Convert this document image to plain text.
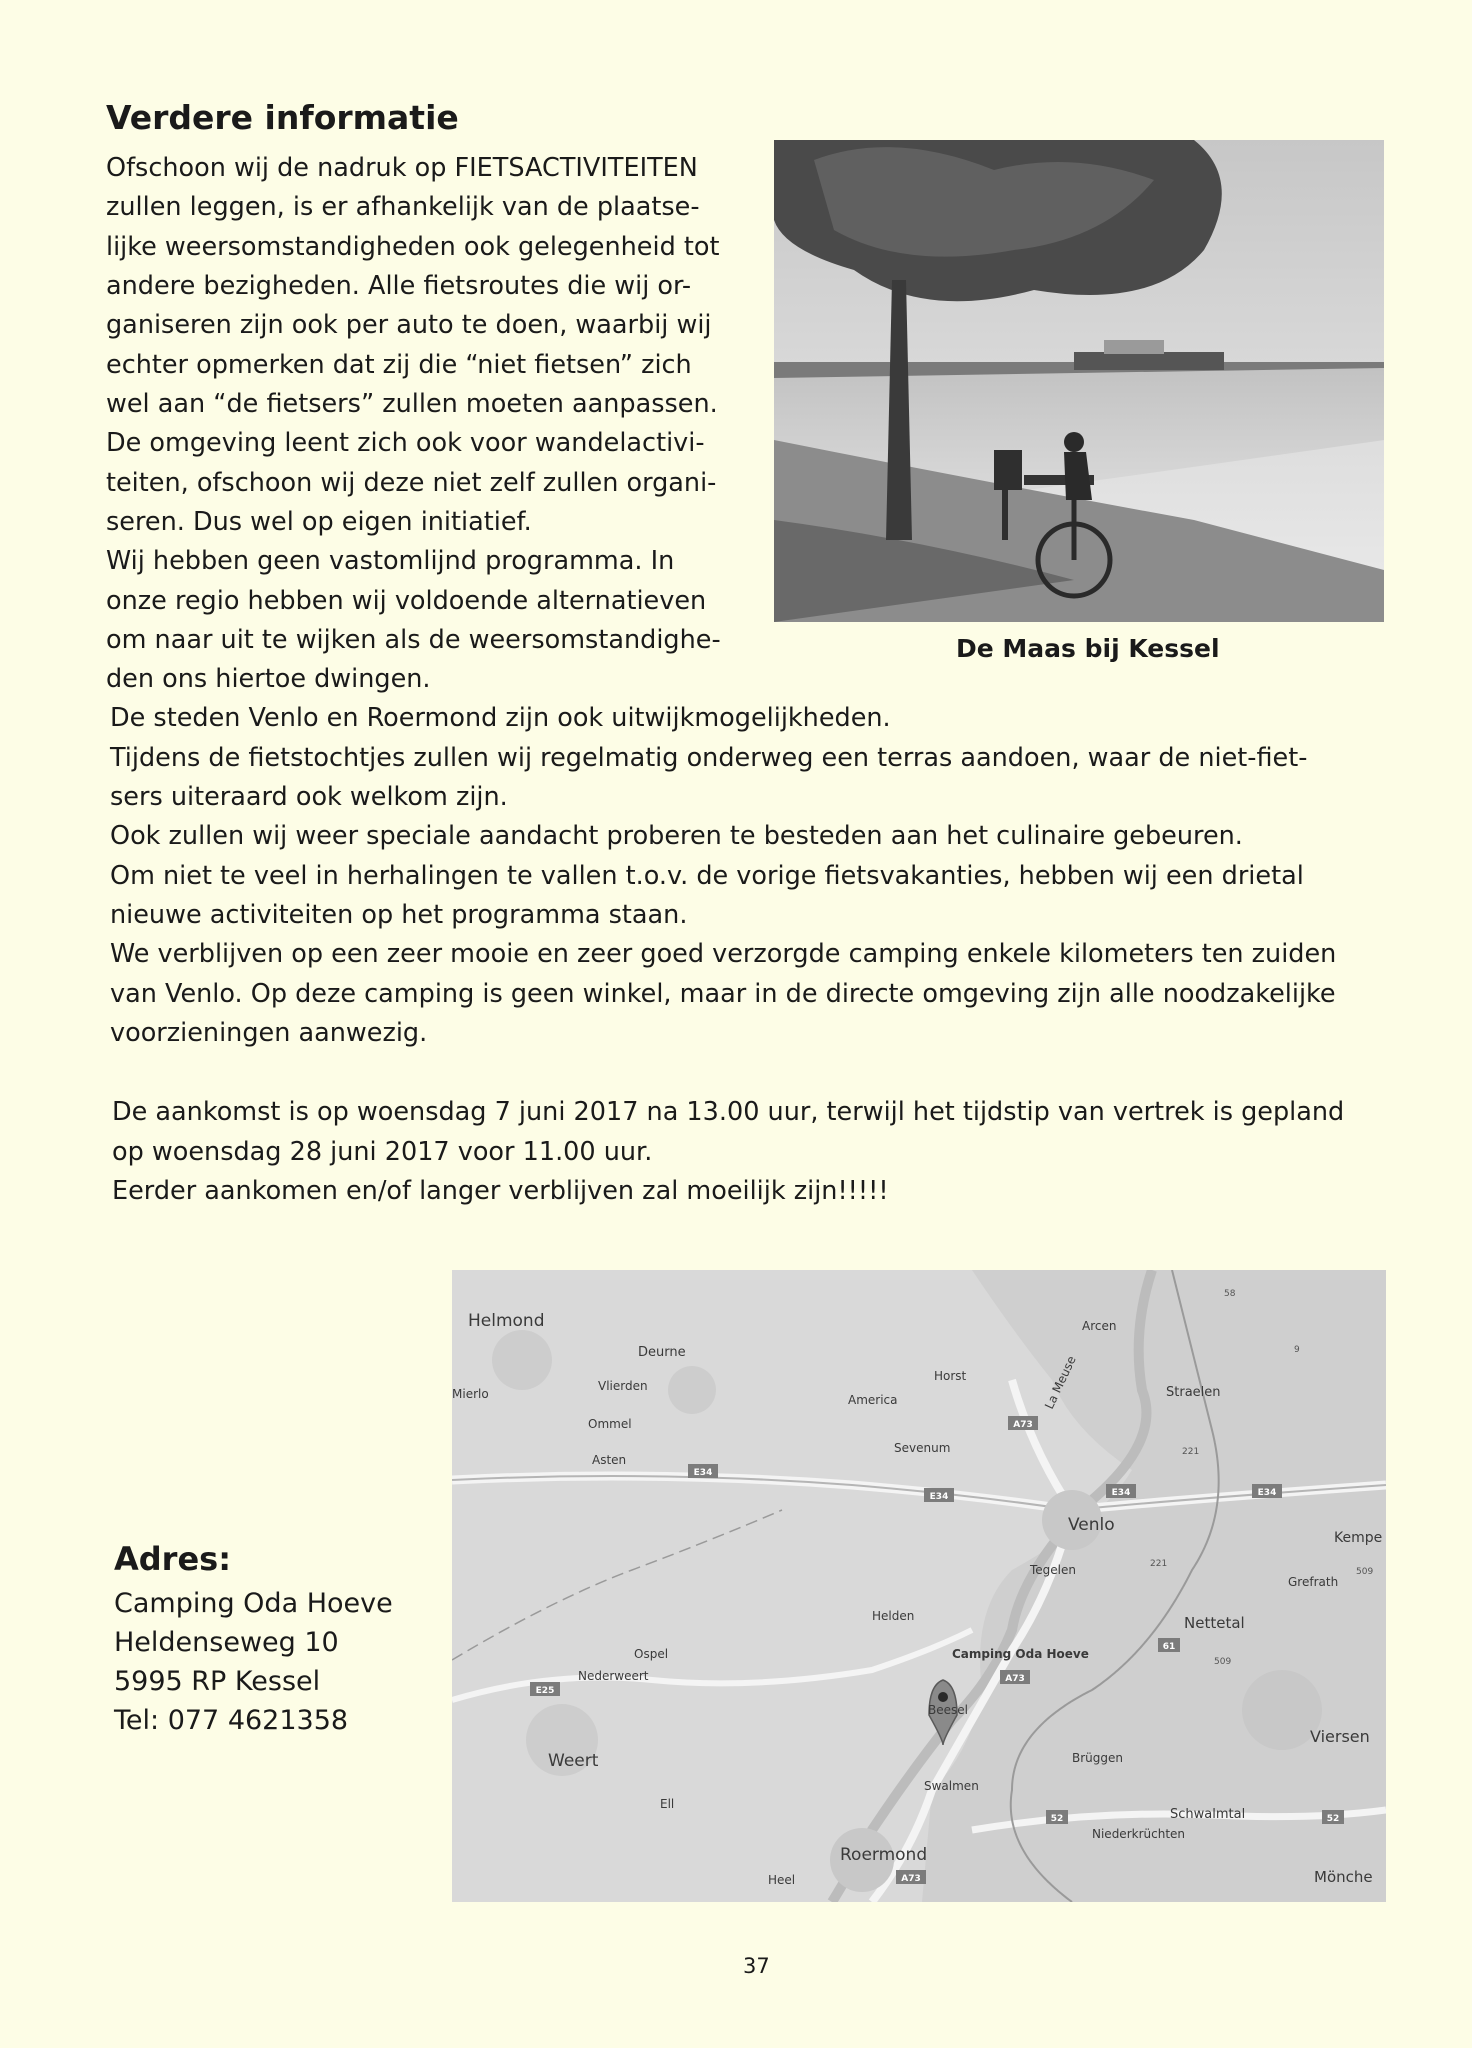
Verdere informatie
Ofschoon wij de nadruk op FIETSACTIVITEITEN
zullen leggen, is er afhankelijk van de plaatse-
lijke weersomstandigheden ook gelegenheid tot
andere bezigheden. Alle fietsroutes die wij or-
ganiseren zijn ook per auto te doen, waarbij wij
echter opmerken dat zij die “niet fietsen” zich
wel aan “de fietsers” zullen moeten aanpassen.
De omgeving leent zich ook voor wandelactivi-
teiten, ofschoon wij deze niet zelf zullen organi-
seren. Dus wel op eigen initiatief.
Wij hebben geen vastomlijnd programma. In
onze regio hebben wij voldoende alternatieven
om naar uit te wijken als de weersomstandighe-
den ons hiertoe dwingen.
De steden Venlo en Roermond zijn ook uitwijkmogelijkheden.
Tijdens de fietstochtjes zullen wij regelmatig onderweg een terras aandoen, waar de niet-fiet-
sers uiteraard ook welkom zijn.
Ook zullen wij weer speciale aandacht proberen te besteden aan het culinaire gebeuren.
Om niet te veel in herhalingen te vallen t.o.v. de vorige fietsvakanties, hebben wij een drietal
nieuwe activiteiten op het programma staan.
We verblijven op een zeer mooie en zeer goed verzorgde camping enkele kilometers ten zuiden
van Venlo. Op deze camping is geen winkel, maar in de directe omgeving zijn alle noodzakelijke
voorzieningen aanwezig.
De aankomst is op woensdag 7 juni 2017 na 13.00 uur, terwijl het tijdstip van vertrek is gepland
op woensdag 28 juni 2017 voor 11.00 uur.
Eerder aankomen en/of langer verblijven zal moeilijk zijn!!!!!
De Maas bij Kessel
Helmond
Deurne
Mierlo
Vlierden
Ommel
Asten
America
Horst
Sevenum
La Meuse
Arcen
Straelen
Venlo
Tegelen
Kempe
Grefrath
Helden
Camping Oda Hoeve
Nettetal
Ospel
Nederweert
Beesel
Weert
Viersen
Brüggen
Swalmen
Ell
Schwalmtal
Niederkrüchten
Roermond
Heel	Mönche
E34
E34	E34	E34
A73
A73
A73
E25
61
52	52
221
221
509
509
9
58
Adres:
Camping Oda Hoeve
Heldenseweg 10
5995 RP Kessel
Tel: 077 4621358
37
